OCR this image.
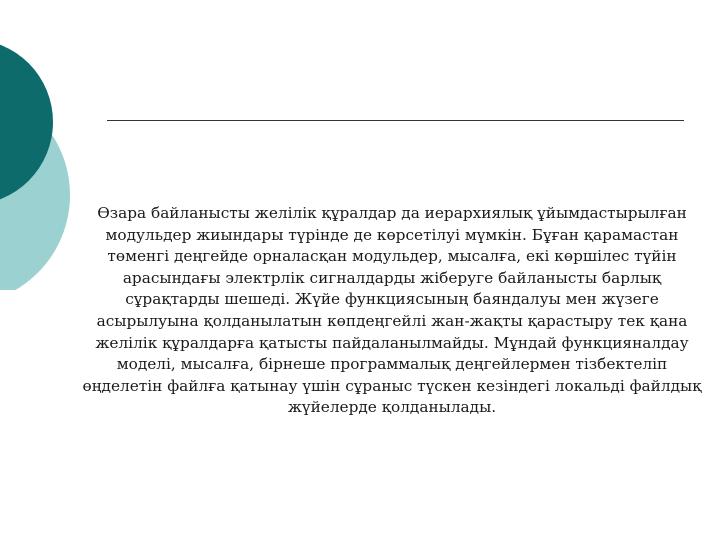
Өзара байланысты желілік құралдар да иерархиялық ұйымдастырылған модульдер жиындары түрінде де көрсетілуі мүмкін. Бұған қарамастан төменгі деңгейде орналасқан модульдер, мысалға, екі көршілес түйін арасындағы электрлік сигналдарды жіберуге байланысты барлық сұрақтарды шешеді. Жүйе функциясының баяндалуы мен жүзеге асырылуына қолданылатын көпдеңгейлі жан-жақты қарастыру тек қана желілік құралдарға қатысты пайдаланылмайды. Мұндай функцияналдау моделі, мысалға, бірнеше программалық деңгейлермен тізбектеліп өңделетін файлға қатынау үшін сұраныс түскен кезіндегі локальді файлдық жүйелерде қолданылады.
